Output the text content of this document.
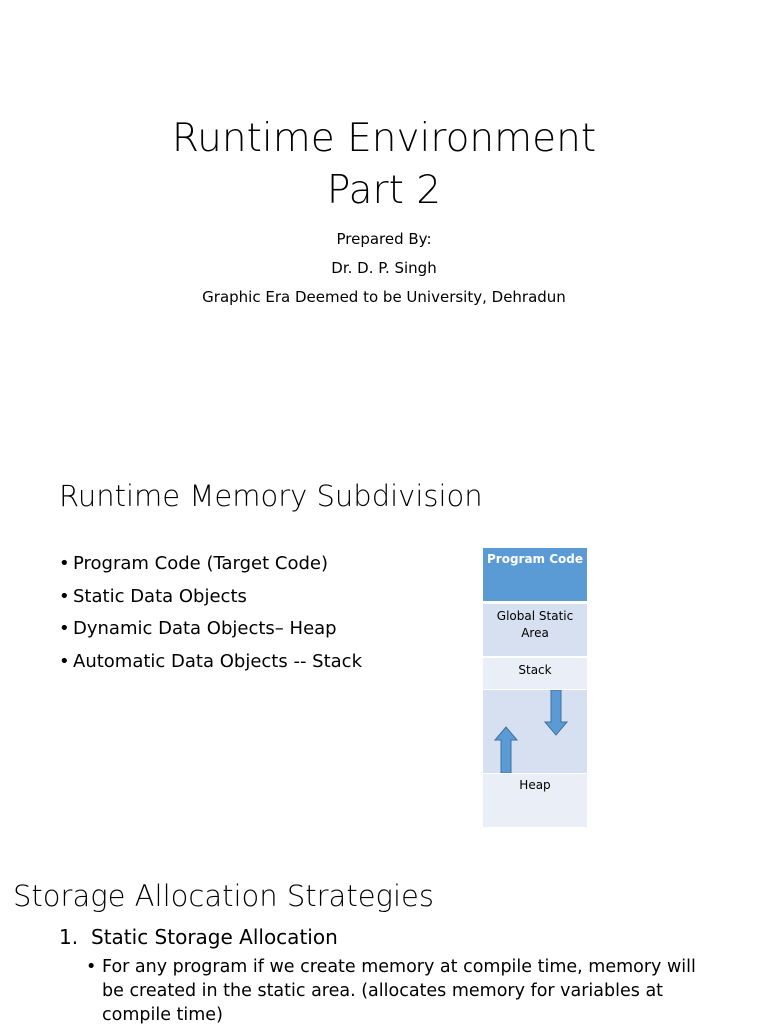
Runtime Environment
Part 2
Prepared By:
Dr. D. P. Singh
Graphic Era Deemed to be University, Dehradun
Runtime Memory Subdivision
• Program Code (Target Code)
• Static Data Objects
• Dynamic Data Objects– Heap
• Automatic Data Objects -- Stack
Program Code
Global Static Area
Stack
Heap
Storage Allocation Strategies
1. Static Storage Allocation
• For any program if we create memory at compile time, memory will be created in the static area. (allocates memory for variables at compile time)
